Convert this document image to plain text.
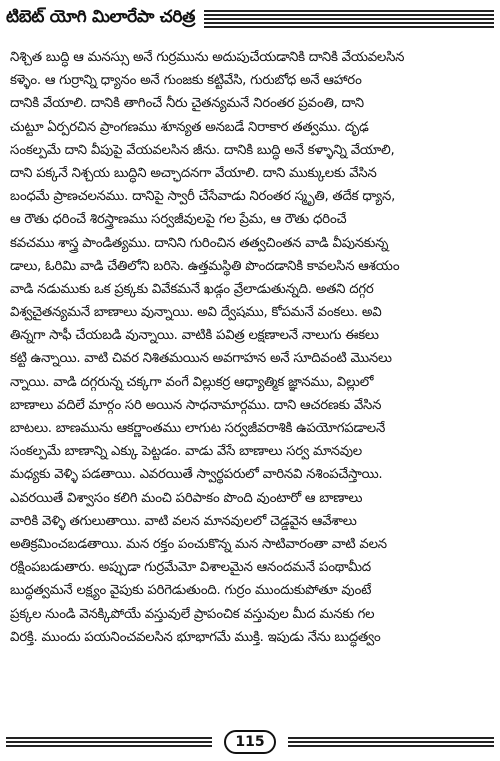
టిబెట్ యోగి మిలారేపా చరిత్ర
నిశ్చిత బుద్ధి ఆ మనస్సు అనే గుర్రమును అదుపుచేయడానికి దానికి వేయవలసిన
కళ్ళెం. ఆ గుర్రాన్ని ధ్యానం అనే గుంజకు కట్టివేసి, గురుబోధ అనే ఆహారం
దానికి వేయాలి. దానికి తాగించే నీరు చైతన్యమనే నిరంతర ప్రవంతి, దాని
చుట్టూ ఏర్పరచిన ప్రాంగణము శూన్యత అనబడే నిరాకార తత్వము. దృఢ
సంకల్పమే దాని వీపుపై వేయవలసిన జీను. దానికి బుద్ధి అనే కళ్ళాన్ని వేయాలి,
దాని పక్కనే నిశ్చయ బుద్ధిని అచ్ఛాదనగా వేయాలి. దాని ముక్కులకు వేసిన
బంధమే ప్రాణచలనము. దానిపై స్వారీ చేసేవాడు నిరంతర స్మృతి, తదేక ధ్యాన,
ఆ రౌతు ధరించే శిరస్త్రాణము సర్వజీవులపై గల ప్రేమ, ఆ రౌతు ధరించే
కవచము శాస్త్ర పాండిత్యము. దానిని గురించిన తత్వచింతన వాడి వీపునకున్న
డాలు, ఓరిమి వాడి చేతిలోని బరిసె. ఉత్తమస్థితి పొందడానికి కావలసిన ఆశయం
వాడి నడుముకు ఒక ప్రక్కకు వివేకమనే ఖడ్గం వ్రేలాడుతున్నది. అతని దగ్గర
విశ్వచైతన్యమనే బాణాలు వున్నాయి. అవి ద్వేషము, కోపమనే వంకలు. అవి
తిన్నగా సాఫీ చేయబడి వున్నాయి. వాటికి పవిత్ర లక్షణాలనే నాలుగు ఈకలు
కట్టి ఉన్నాయి. వాటి చివర నిశితమయిన అవగాహన అనే సూదివంటి మొనలు
న్నాయి. వాడి దగ్గరున్న చక్కగా వంగే విల్లుకర్ర ఆధ్యాత్మిక జ్ఞానము, విల్లులో
బాణాలు వదిలే మార్గం సరి అయిన సాధనామార్గము. దాని ఆచరణకు వేసిన
బాటలు. బాణమును ఆకర్ణాంతము లాగుట సర్వజీవరాశికి ఉపయోగపడాలనే
సంకల్పమే బాణాన్ని ఎక్కు పెట్టడం. వాడు వేసే బాణాలు సర్వ మానవుల
మధ్యకు వెళ్ళి పడతాయి. ఎవరయితే స్వార్థపరులో వారినవి నశింపచేస్తాయి.
ఎవరయితే విశ్వాసం కలిగి మంచి పరిపాకం పొంది వుంటారో ఆ బాణాలు
వారికి వెళ్ళి తగులుతాయి. వాటి వలన మానవులలో చెడ్డవైన ఆవేశాలు
అతిక్రమించబడతాయి. మన రక్తం పంచుకొన్న మన సాటివారంతా వాటి వలన
రక్షింపబడుతారు. అప్పుడా గుర్రమేమో విశాలమైన ఆనందమనే పంథామీద
బుద్ధత్వమనే లక్ష్యం వైపుకు పరిగెడుతుంది. గుర్రం ముందుకుపోతూ వుంటే
ప్రక్కల నుండి వెనక్కిపోయే వస్తువులే ప్రాపంచిక వస్తువుల మీద మనకు గల
విరక్తి. ముందు పయనించవలసిన భూభాగమే ముక్తి. ఇపుడు నేను బుద్ధత్వం
115
